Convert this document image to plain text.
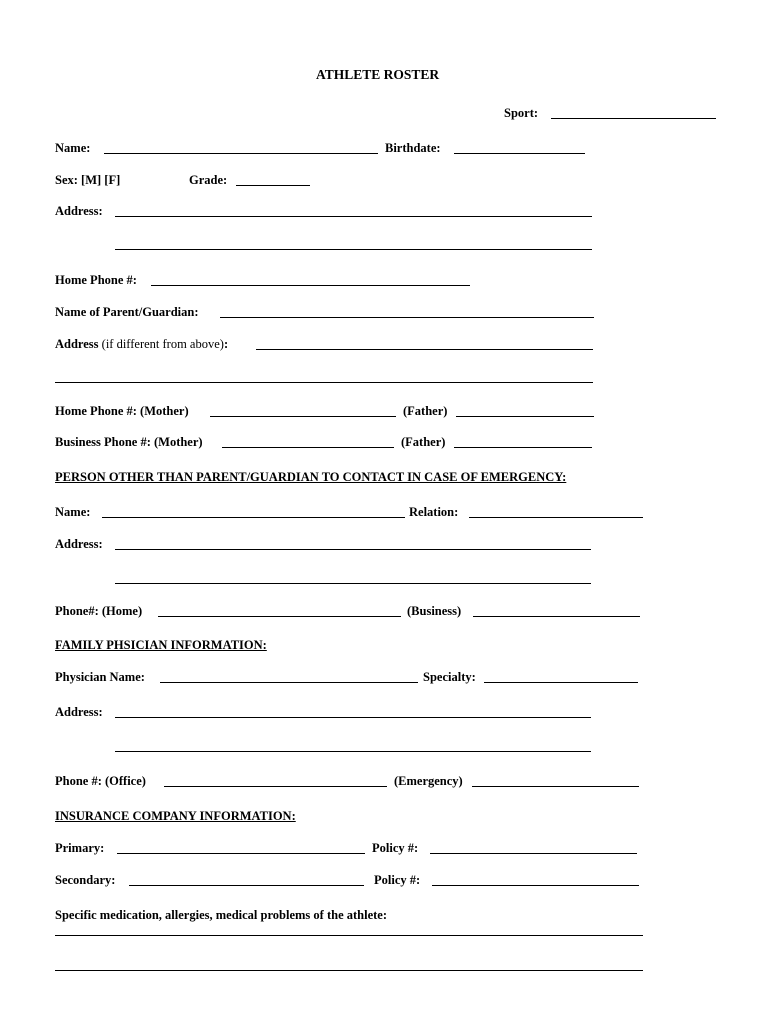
ATHLETE ROSTER
Sport:
Name:	Birthdate:
Sex: [M] [F]	Grade:
Address:
Home Phone #:
Name of Parent/Guardian:
Address (if different from above):
Home Phone #: (Mother)	(Father)
Business Phone #: (Mother)	(Father)
PERSON OTHER THAN PARENT/GUARDIAN TO CONTACT IN CASE OF EMERGENCY:
Name:	Relation:
Address:
Phone#: (Home)	(Business)
FAMILY PHSICIAN INFORMATION:
Physician Name:	Specialty:
Address:
Phone #: (Office)	(Emergency)
INSURANCE COMPANY INFORMATION:
Primary:	Policy #:
Secondary:	Policy #:
Specific medication, allergies, medical problems of the athlete:
